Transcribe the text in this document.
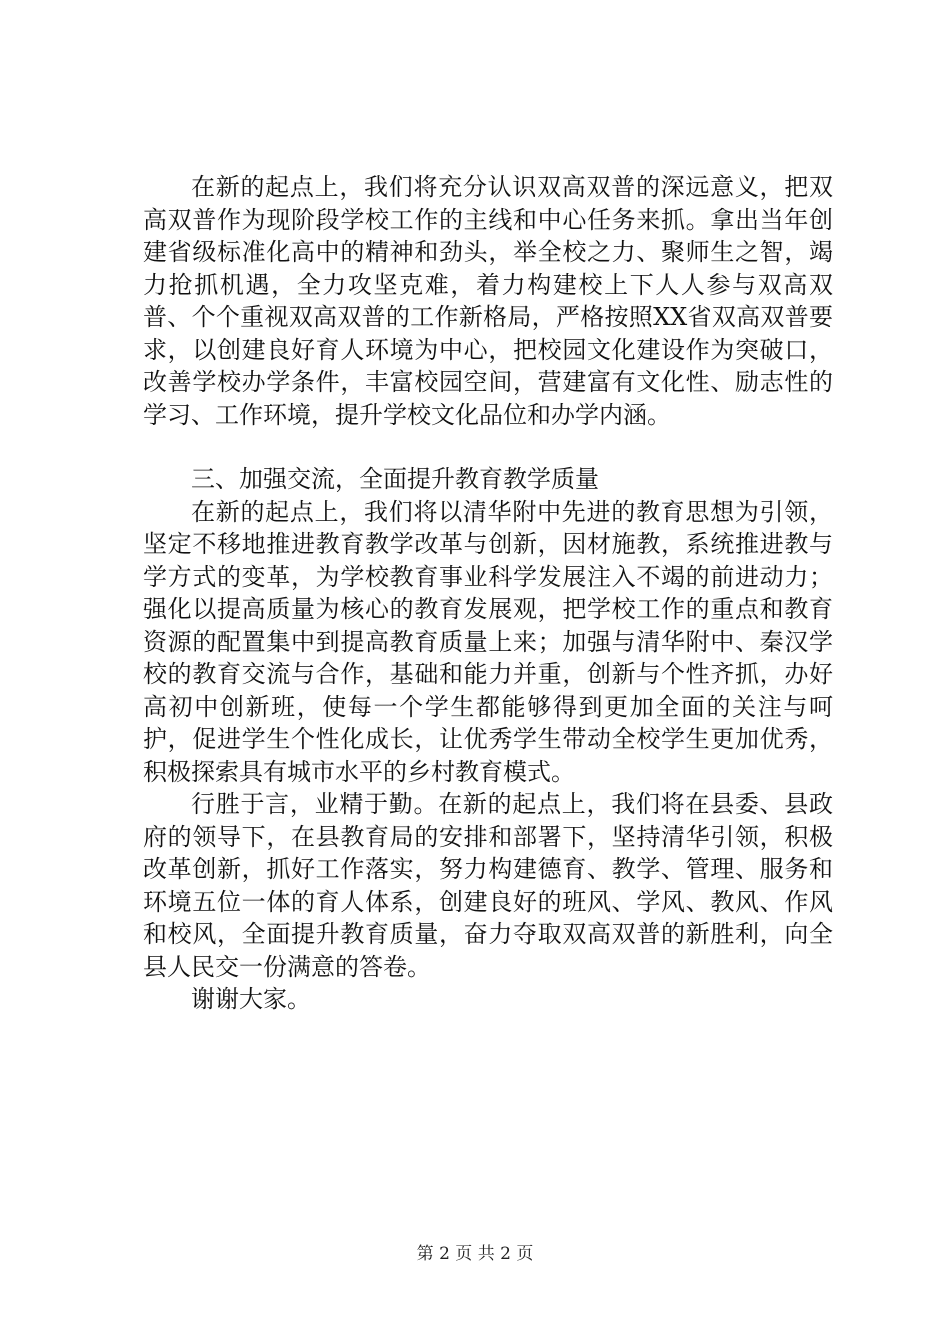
在新的起点上，我们将充分认识双高双普的深远意义，把双高双普作为现阶段学校工作的主线和中心任务来抓。拿出当年创建省级标准化高中的精神和劲头，举全校之力、聚师生之智，竭力抢抓机遇，全力攻坚克难，着力构建校上下人人参与双高双普、个个重视双高双普的工作新格局，严格按照XX省双高双普要求，以创建良好育人环境为中心，把校园文化建设作为突破口，改善学校办学条件，丰富校园空间，营建富有文化性、励志性的学习、工作环境，提升学校文化品位和办学内涵。

三、加强交流，全面提升教育教学质量

在新的起点上，我们将以清华附中先进的教育思想为引领，坚定不移地推进教育教学改革与创新，因材施教，系统推进教与学方式的变革，为学校教育事业科学发展注入不竭的前进动力；强化以提高质量为核心的教育发展观，把学校工作的重点和教育资源的配置集中到提高教育质量上来；加强与清华附中、秦汉学校的教育交流与合作，基础和能力并重，创新与个性齐抓，办好高初中创新班，使每一个学生都能够得到更加全面的关注与呵护，促进学生个性化成长，让优秀学生带动全校学生更加优秀，积极探索具有城市水平的乡村教育模式。

行胜于言，业精于勤。在新的起点上，我们将在县委、县政府的领导下，在县教育局的安排和部署下，坚持清华引领，积极改革创新，抓好工作落实，努力构建德育、教学、管理、服务和环境五位一体的育人体系，创建良好的班风、学风、教风、作风和校风，全面提升教育质量，奋力夺取双高双普的新胜利，向全县人民交一份满意的答卷。

谢谢大家。

第 2 页 共 2 页
